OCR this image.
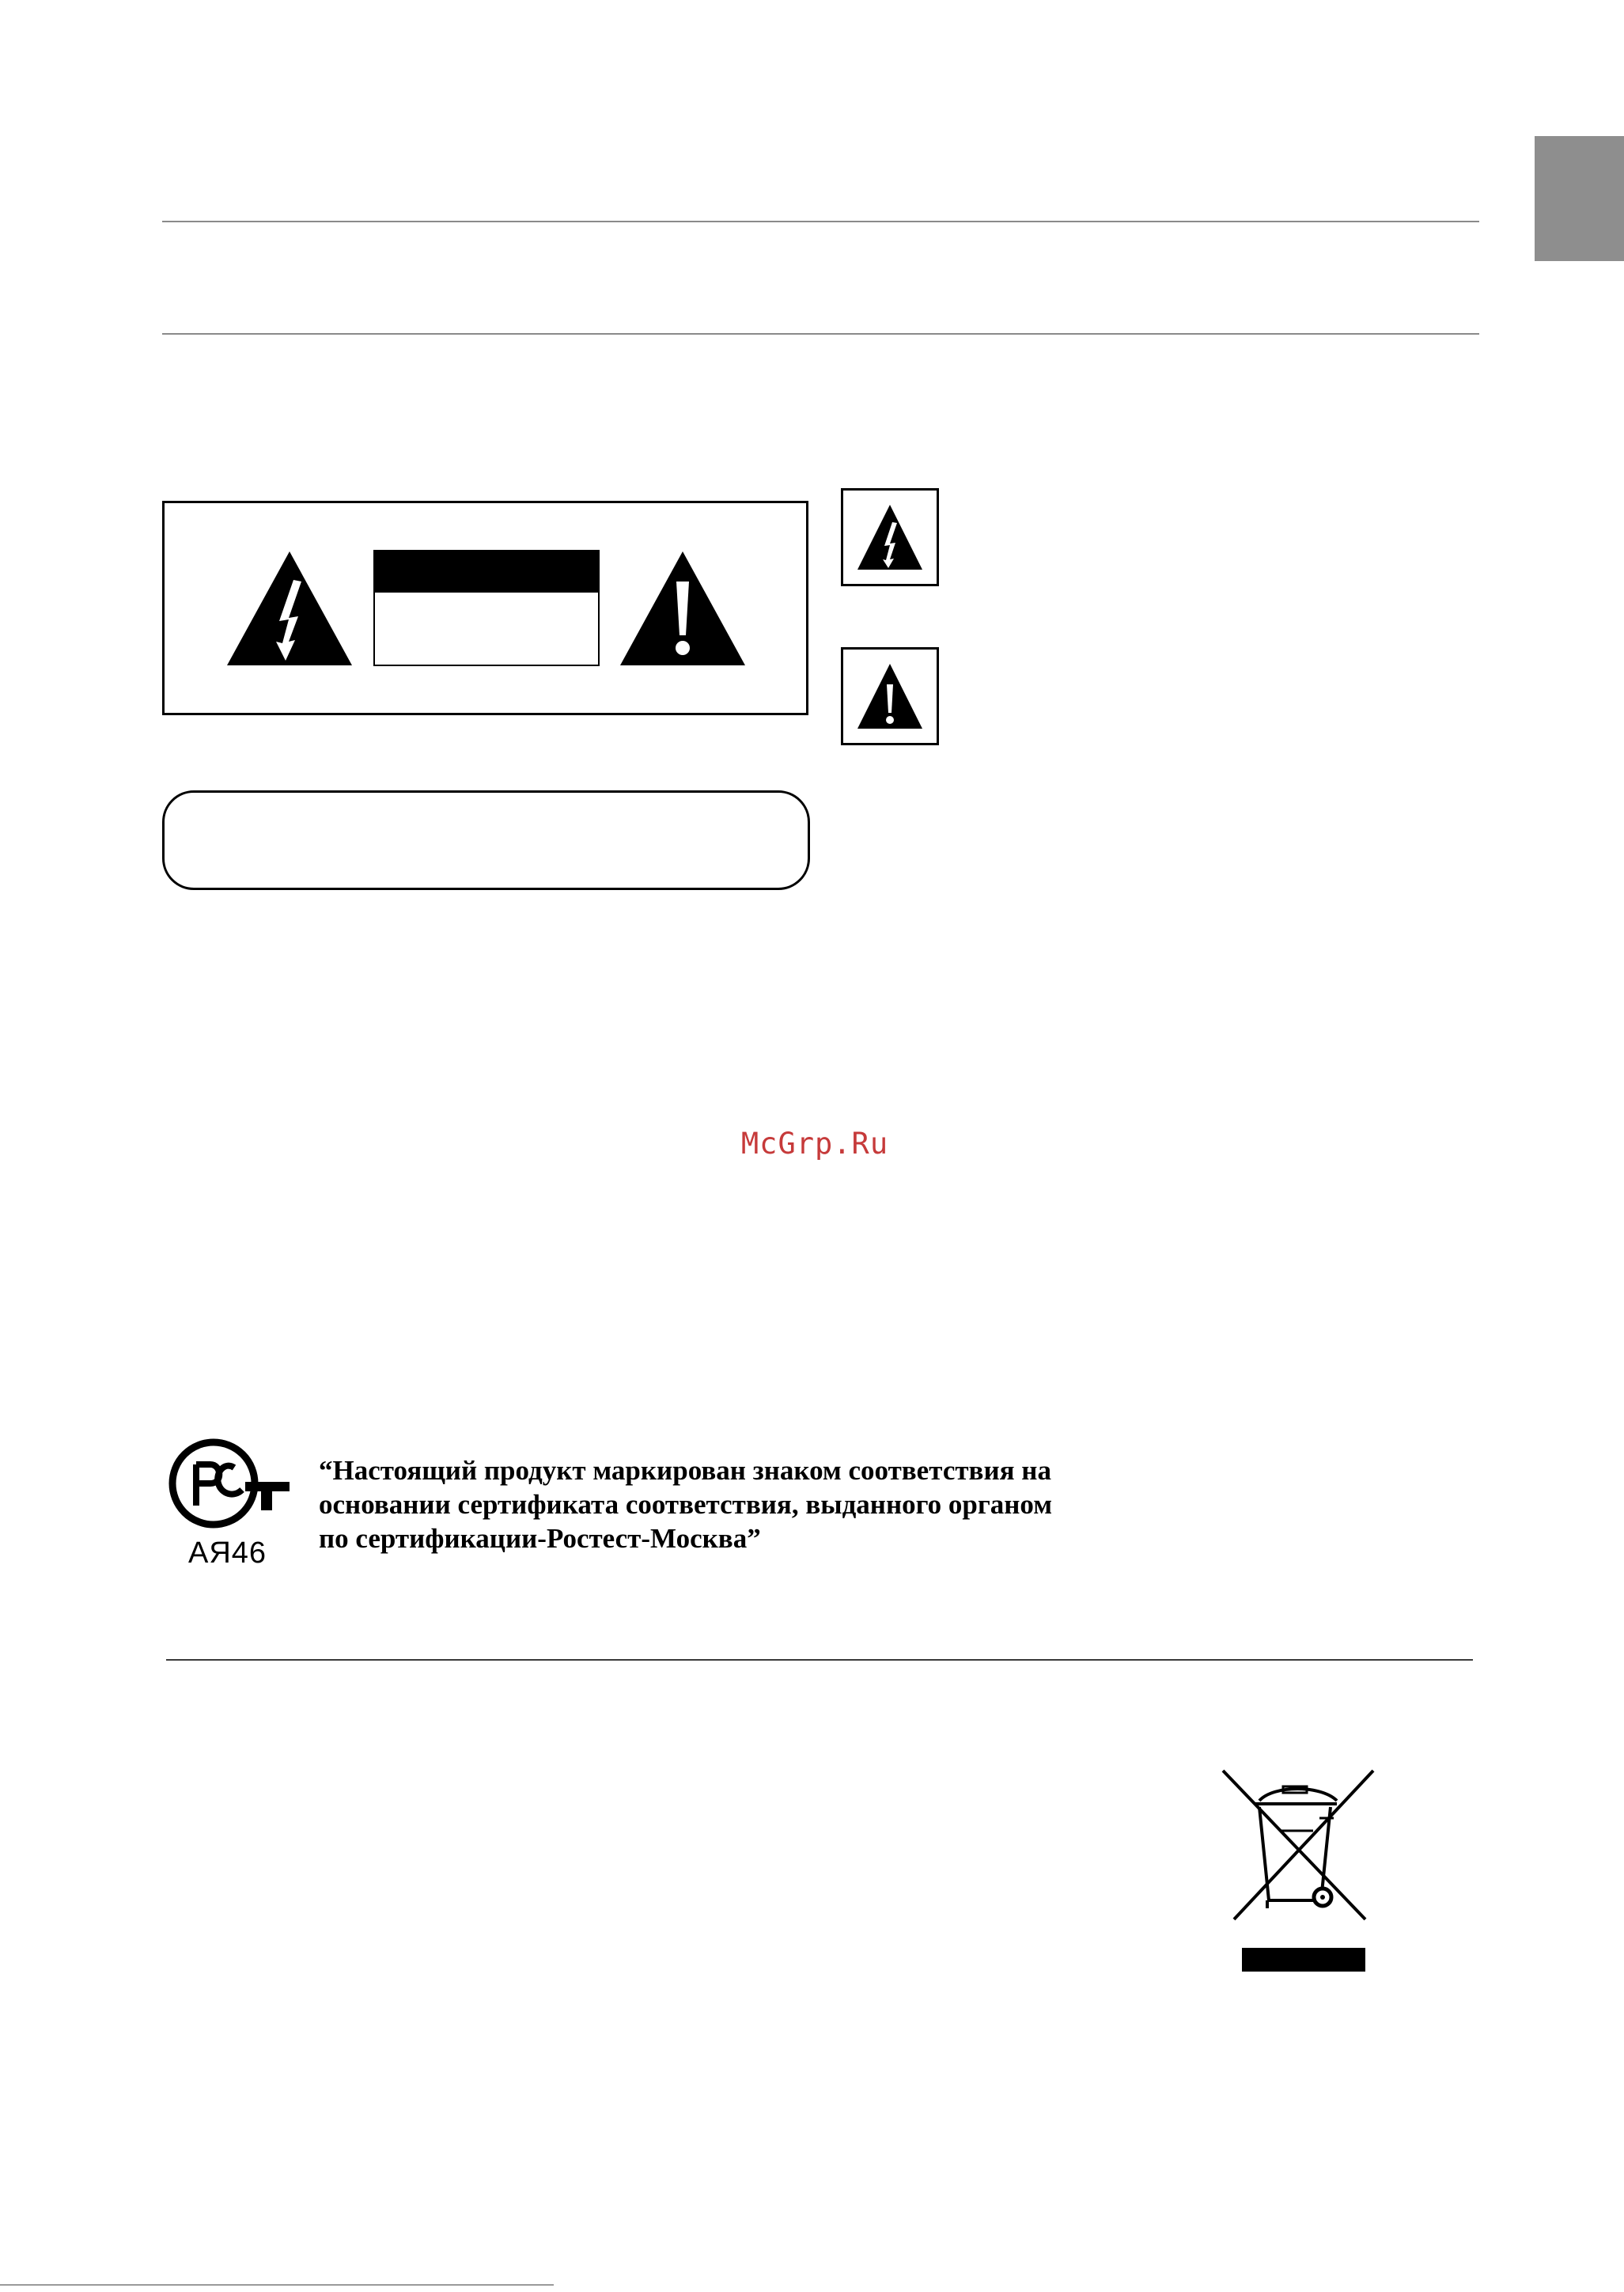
McGrp.Ru
AЯ46
“Настоящий продукт маркирован знаком соответствия на
основании сертификата соответствия, выданного органом
по сертификации-Ростест-Москва”
